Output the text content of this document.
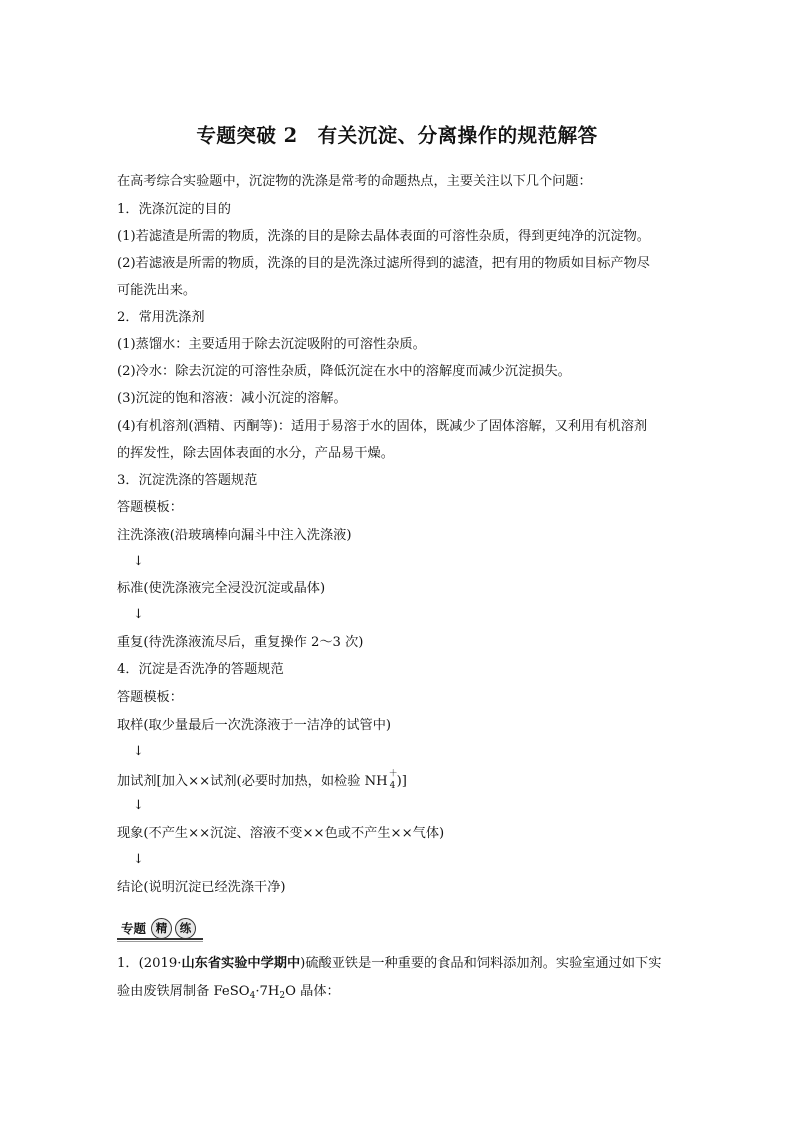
专题突破 2　有关沉淀、分离操作的规范解答
在高考综合实验题中，沉淀物的洗涤是常考的命题热点，主要关注以下几个问题：
1．洗涤沉淀的目的
(1)若滤渣是所需的物质，洗涤的目的是除去晶体表面的可溶性杂质，得到更纯净的沉淀物。
(2)若滤液是所需的物质，洗涤的目的是洗涤过滤所得到的滤渣，把有用的物质如目标产物尽
可能洗出来。
2．常用洗涤剂
(1)蒸馏水：主要适用于除去沉淀吸附的可溶性杂质。
(2)冷水：除去沉淀的可溶性杂质，降低沉淀在水中的溶解度而减少沉淀损失。
(3)沉淀的饱和溶液：减小沉淀的溶解。
(4)有机溶剂(酒精、丙酮等)：适用于易溶于水的固体，既减少了固体溶解，又利用有机溶剂
的挥发性，除去固体表面的水分，产品易干燥。
3．沉淀洗涤的答题规范
答题模板：
注洗涤液(沿玻璃棒向漏斗中注入洗涤液)
↓
标准(使洗涤液完全浸没沉淀或晶体)
↓
重复(待洗涤液流尽后，重复操作 2～3 次)
4．沉淀是否洗净的答题规范
答题模板：
取样(取少量最后一次洗涤液于一洁净的试管中)
↓
加试剂[加入××试剂(必要时加热，如检验 NH ＋
4 )]
↓
现象(不产生××沉淀、溶液不变××色或不产生××气体)
↓
结论(说明沉淀已经洗涤干净)
专题 精	练
1．(2019·山东省实验中学期中)硫酸亚铁是一种重要的食品和饲料添加剂。实验室通过如下实
验由废铁屑制备 $FeSO_4\cdot 7H_2O$ 晶体：
